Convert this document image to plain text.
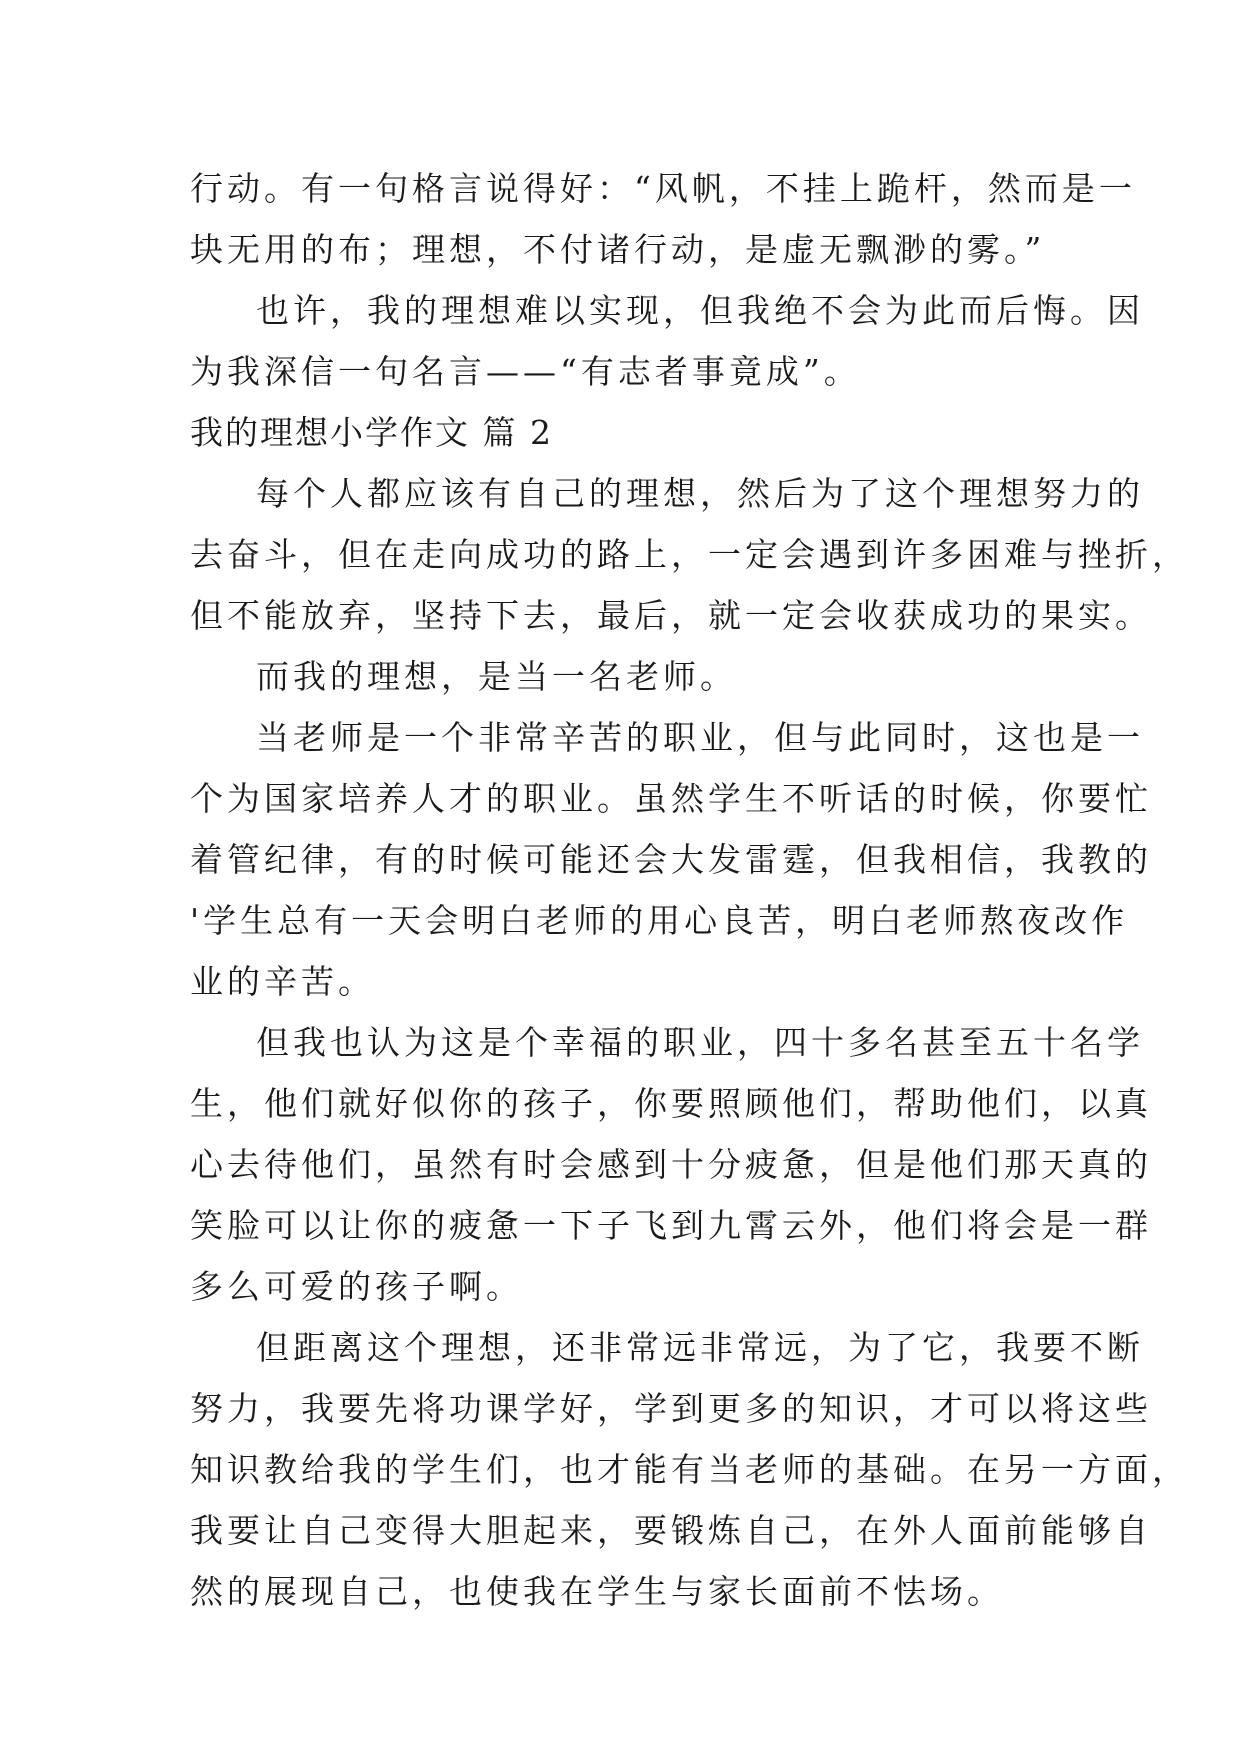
行动。有一句格言说得好：“风帆，不挂上跪杆，然而是一
块无用的布；理想，不付诸行动，是虚无飘渺的雾。”
也许，我的理想难以实现，但我绝不会为此而后悔。因
为我深信一句名言——“有志者事竟成”。
我的理想小学作文 篇 2
每个人都应该有自己的理想，然后为了这个理想努力的
去奋斗，但在走向成功的路上，一定会遇到许多困难与挫折，
但不能放弃，坚持下去，最后，就一定会收获成功的果实。
而我的理想，是当一名老师。
当老师是一个非常辛苦的职业，但与此同时，这也是一
个为国家培养人才的职业。虽然学生不听话的时候，你要忙
着管纪律，有的时候可能还会大发雷霆，但我相信，我教的
'学生总有一天会明白老师的用心良苦，明白老师熬夜改作
业的辛苦。
但我也认为这是个幸福的职业，四十多名甚至五十名学
生，他们就好似你的孩子，你要照顾他们，帮助他们，以真
心去待他们，虽然有时会感到十分疲惫，但是他们那天真的
笑脸可以让你的疲惫一下子飞到九霄云外，他们将会是一群
多么可爱的孩子啊。
但距离这个理想，还非常远非常远，为了它，我要不断
努力，我要先将功课学好，学到更多的知识，才可以将这些
知识教给我的学生们，也才能有当老师的基础。在另一方面，
我要让自己变得大胆起来，要锻炼自己，在外人面前能够自
然的展现自己，也使我在学生与家长面前不怯场。
